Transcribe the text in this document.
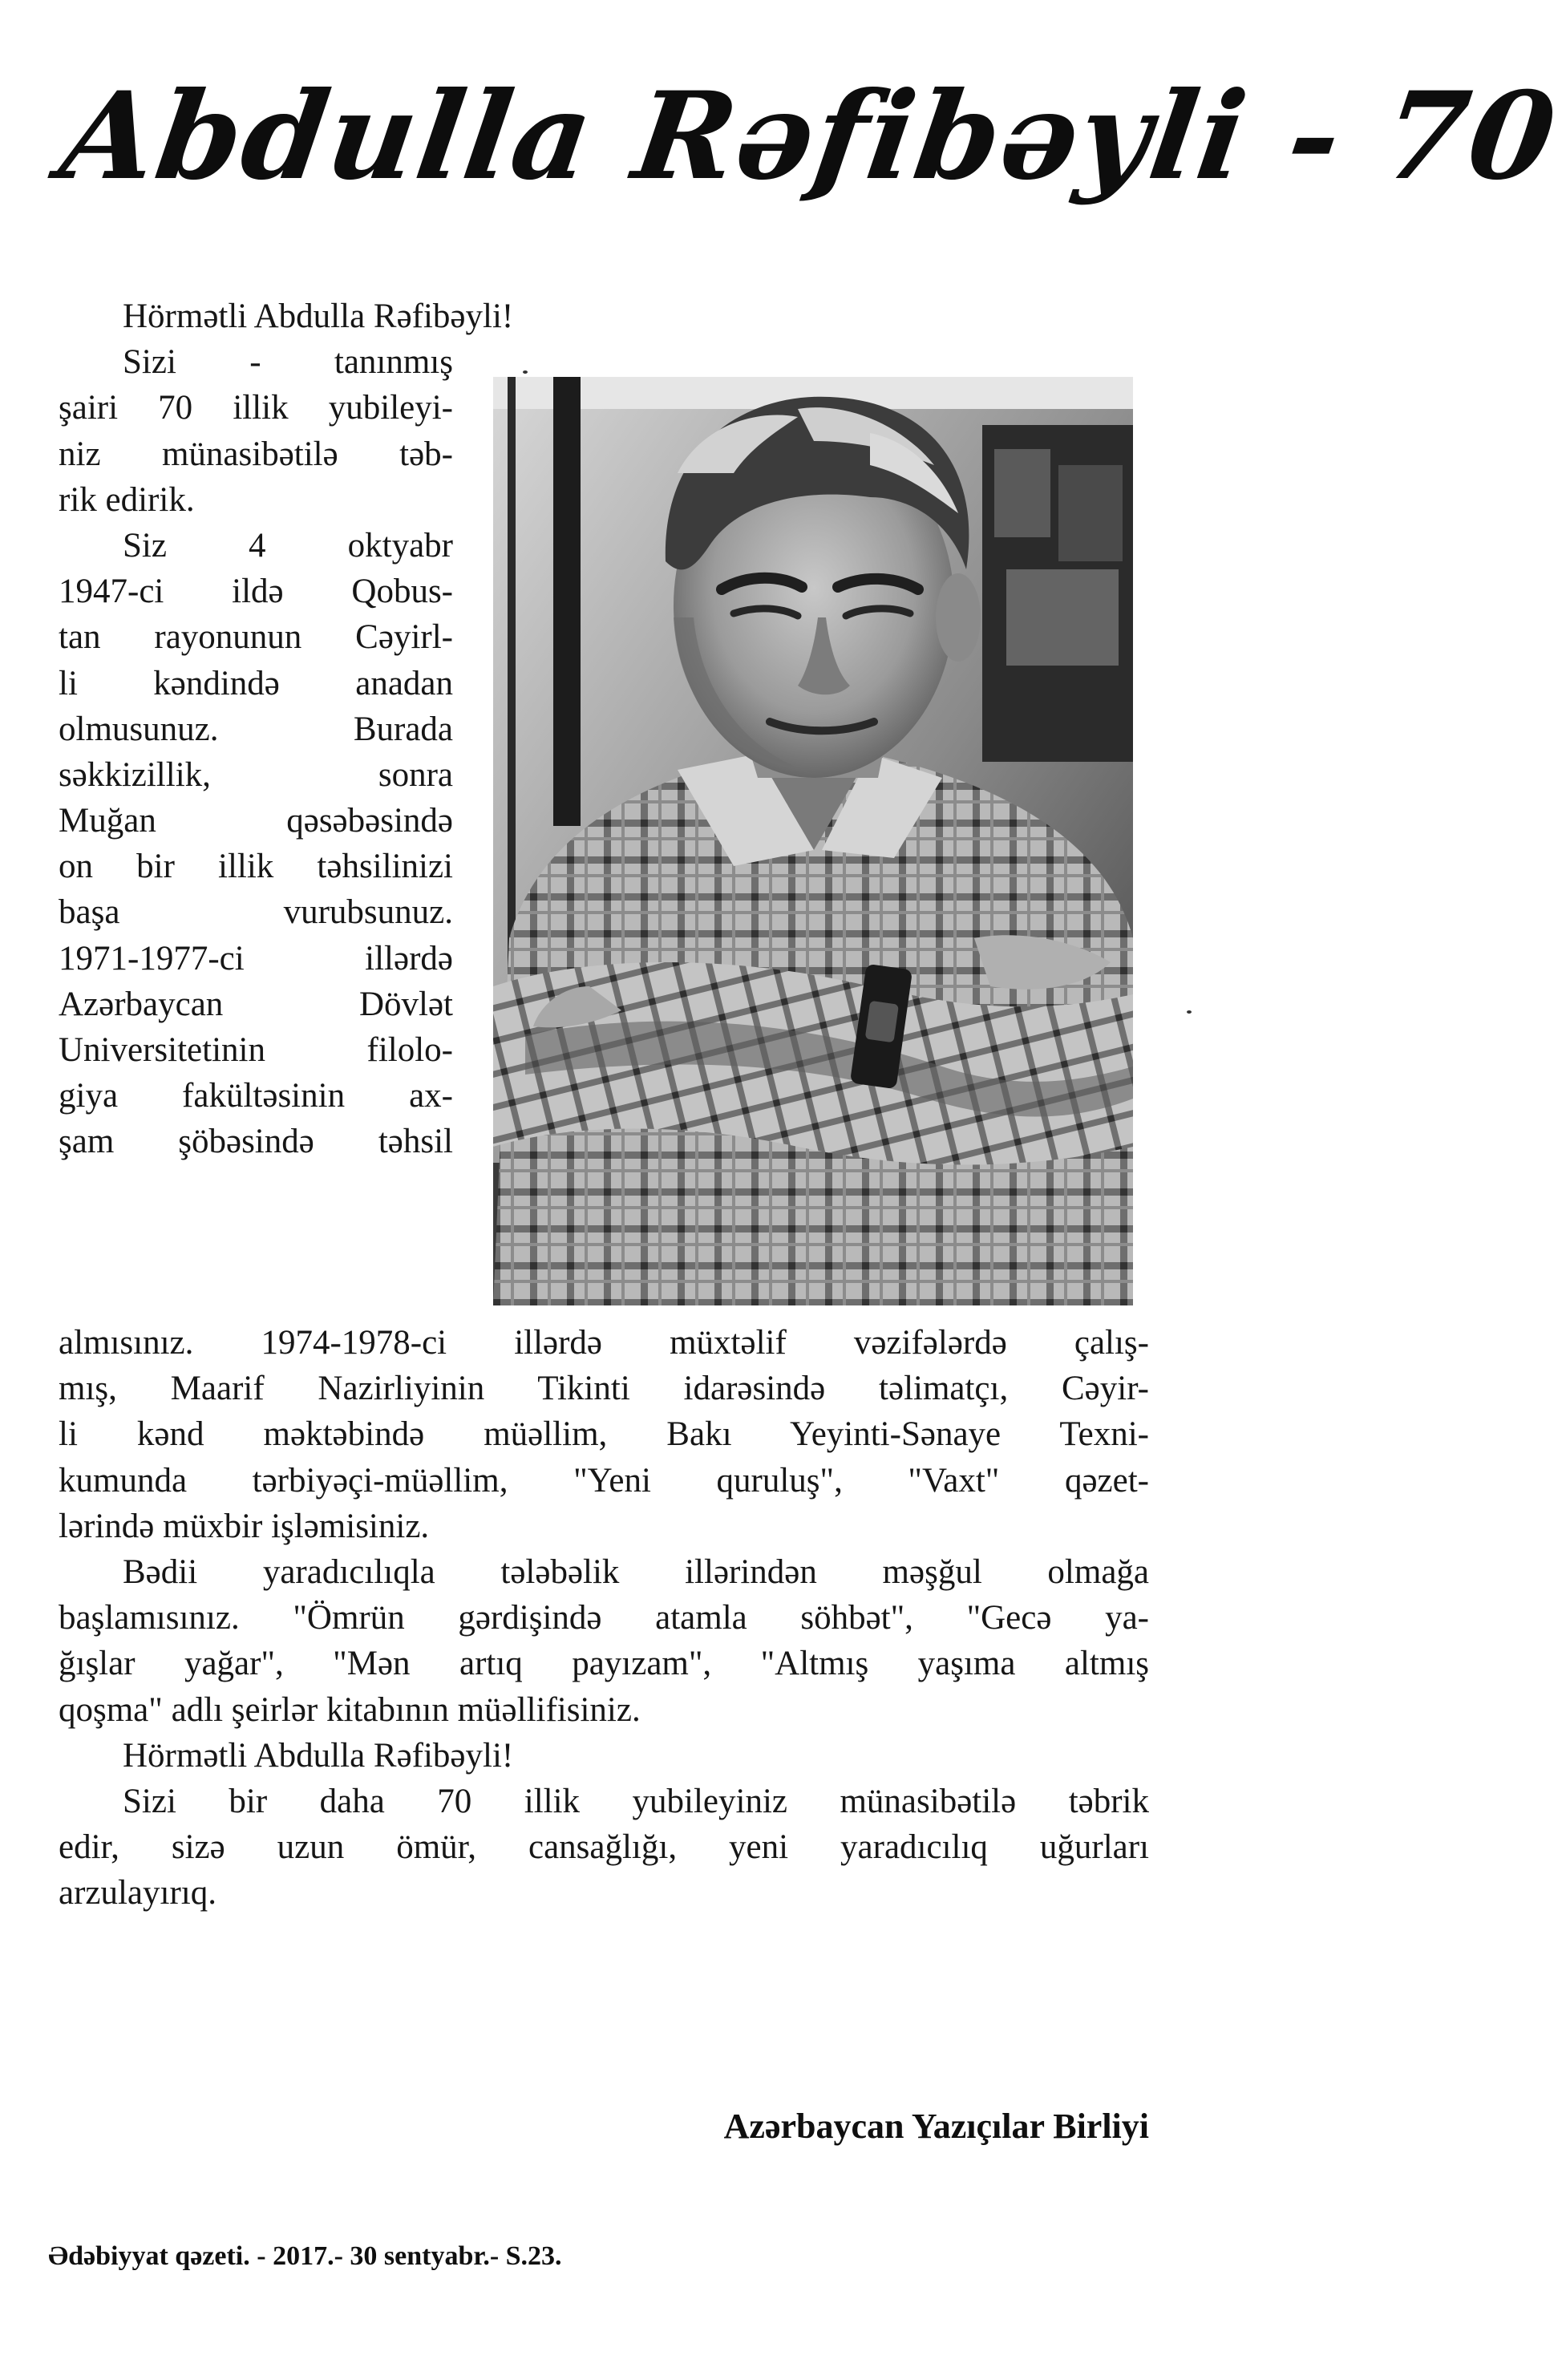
Abdulla Rəfibəyli - 70
Hörmətli Abdulla Rəfibəyli!
Sizi - tanınmış
şairi 70 illik yubileyi-
niz münasibətilə təb-
rik edirik.
Siz 4 oktyabr
1947-ci ildə Qobus-
tan rayonunun Cəyirl-
li kəndində anadan
olmusunuz. Burada
səkkizillik, sonra
Muğan qəsəbəsində
on bir illik təhsilinizi
başa vurubsunuz.
1971-1977-ci illərdə
Azərbaycan Dövlət
Universitetinin filolo-
giya fakültəsinin ax-
şam şöbəsində təhsil
almısınız. 1974-1978-ci illərdə müxtəlif vəzifələrdə çalış-
mış, Maarif Nazirliyinin Tikinti idarəsində təlimatçı, Cəyir-
li kənd məktəbində müəllim, Bakı Yeyinti-Sənaye Texni-
kumunda tərbiyəçi-müəllim, "Yeni quruluş", "Vaxt" qəzet-
lərində müxbir işləmisiniz.
Bədii yaradıcılıqla tələbəlik illərindən məşğul olmağa
başlamısınız. "Ömrün gərdişində atamla söhbət", "Gecə ya-
ğışlar yağar", "Mən artıq payızam", "Altmış yaşıma altmış
qoşma" adlı şeirlər kitabının müəllifisiniz.
Hörmətli Abdulla Rəfibəyli!
Sizi bir daha 70 illik yubileyiniz münasibətilə təbrik
edir, sizə uzun ömür, cansağlığı, yeni yaradıcılıq uğurları
arzulayırıq.
Azərbaycan Yazıçılar Birliyi
Ədəbiyyat qəzeti. - 2017.- 30 sentyabr.- S.23.
